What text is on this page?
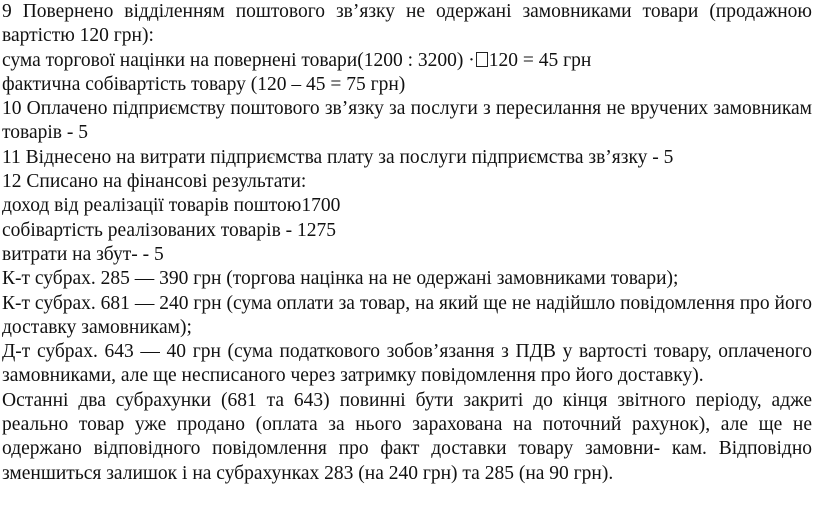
9 Повернено відділенням поштового зв’язку не одержані замовниками товари (продажною вартістю 120 грн):

сума торгової націнки на повернені товари(1200 : 3200) · 120 = 45 грн

фактична собівартість товару (120 – 45 = 75 грн)

10 Оплачено підприємству поштового зв’язку за послуги з пересилання не вручених замовникам товарів - 5

11 Віднесено на витрати підприємства плату за послуги підприємства зв’язку - 5

12 Списано на фінансові результати:

доход від реалізації товарів поштою1700

собівартість реалізованих товарів - 1275

витрати на збут- - 5

К-т субрах. 285 — 390 грн (торгова націнка на не одержані замовниками товари);

К-т субрах. 681 — 240 грн (сума оплати за товар, на який ще не надійшло повідомлення про його доставку замовникам);

Д-т субрах. 643 — 40 грн (сума податкового зобов’язання з ПДВ у вартості товару, оплаченого замовниками, але ще несписаного через затримку повідомлення про його доставку).

Останні два субрахунки (681 та 643) повинні бути закриті до кінця звітного періоду, адже реально товар уже продано (оплата за нього зарахована на поточний рахунок), але ще не одержано відповідного повідомлення про факт доставки товару замовни- кам. Відповідно зменшиться залишок і на субрахунках 283 (на 240 грн) та 285 (на 90 грн).
